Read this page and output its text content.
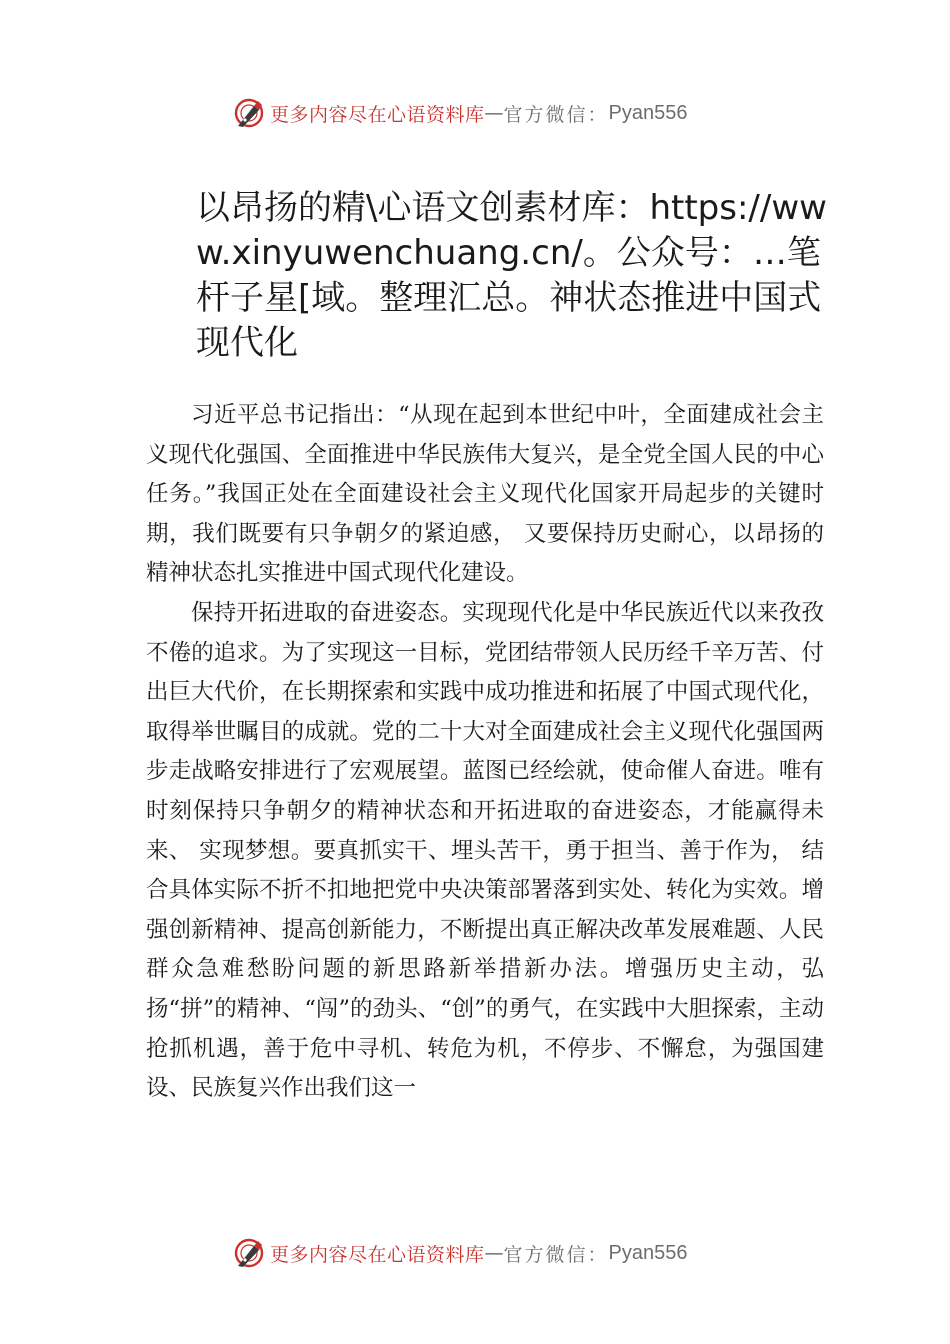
更多内容尽在心语资料库 — 官方微信： Pyan556
以昂扬的精\心语文创素材库：https://www.xinyuwenchuang.cn/。公众号：…笔杆子星[域。整理汇总。神状态推进中国式现代化

习近平总书记指出：“从现在起到本世纪中叶，全面建成社会主义现代化强国、全面推进中华民族伟大复兴，是全党全国人民的中心任务。”我国正处在全面建设社会主义现代化国家开局起步的关键时期，我们既要有只争朝夕的紧迫感， 又要保持历史耐心，以昂扬的精神状态扎实推进中国式现代化建设。

保持开拓进取的奋进姿态。实现现代化是中华民族近代以来孜孜不倦的追求。为了实现这一目标，党团结带领人民历经千辛万苦、付出巨大代价，在长期探索和实践中成功推进和拓展了中国式现代化，取得举世瞩目的成就。党的二十大对全面建成社会主义现代化强国两步走战略安排进行了宏观展望。蓝图已经绘就，使命催人奋进。唯有时刻保持只争朝夕的精神状态和开拓进取的奋进姿态，才能赢得未来、 实现梦想。要真抓实干、埋头苦干，勇于担当、善于作为， 结合具体实际不折不扣地把党中央决策部署落到实处、转化为实效。增强创新精神、提高创新能力，不断提出真正解决改革发展难题、人民群众急难愁盼问题的新思路新举措新办法。增强历史主动，弘扬“拼”的精神、“闯”的劲头、“创”的勇气，在实践中大胆探索，主动抢抓机遇，善于危中寻机、转危为机，不停步、不懈怠，为强国建设、民族复兴作出我们这一

更多内容尽在心语资料库 — 官方微信： Pyan556
